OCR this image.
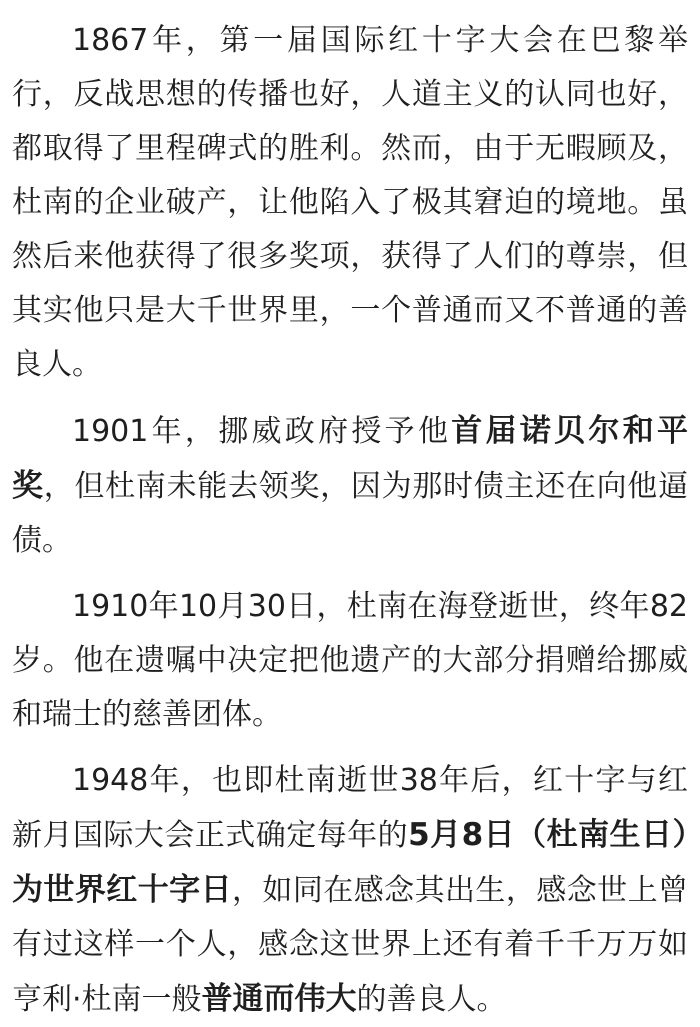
1867年，第一届国际红十字大会在巴黎举行，反战思想的传播也好，人道主义的认同也好，都取得了里程碑式的胜利。然而，由于无暇顾及，杜南的企业破产，让他陷入了极其窘迫的境地。虽然后来他获得了很多奖项，获得了人们的尊崇，但其实他只是大千世界里，一个普通而又不普通的善良人。

1901年，挪威政府授予他首届诺贝尔和平奖，但杜南未能去领奖，因为那时债主还在向他逼债。

1910年10月30日，杜南在海登逝世，终年82岁。他在遗嘱中决定把他遗产的大部分捐赠给挪威和瑞士的慈善团体。

1948年，也即杜南逝世38年后，红十字与红新月国际大会正式确定每年的5月8日（杜南生日）为世界红十字日，如同在感念其出生，感念世上曾有过这样一个人，感念这世界上还有着千千万万如亨利·杜南一般普通而伟大的善良人。
